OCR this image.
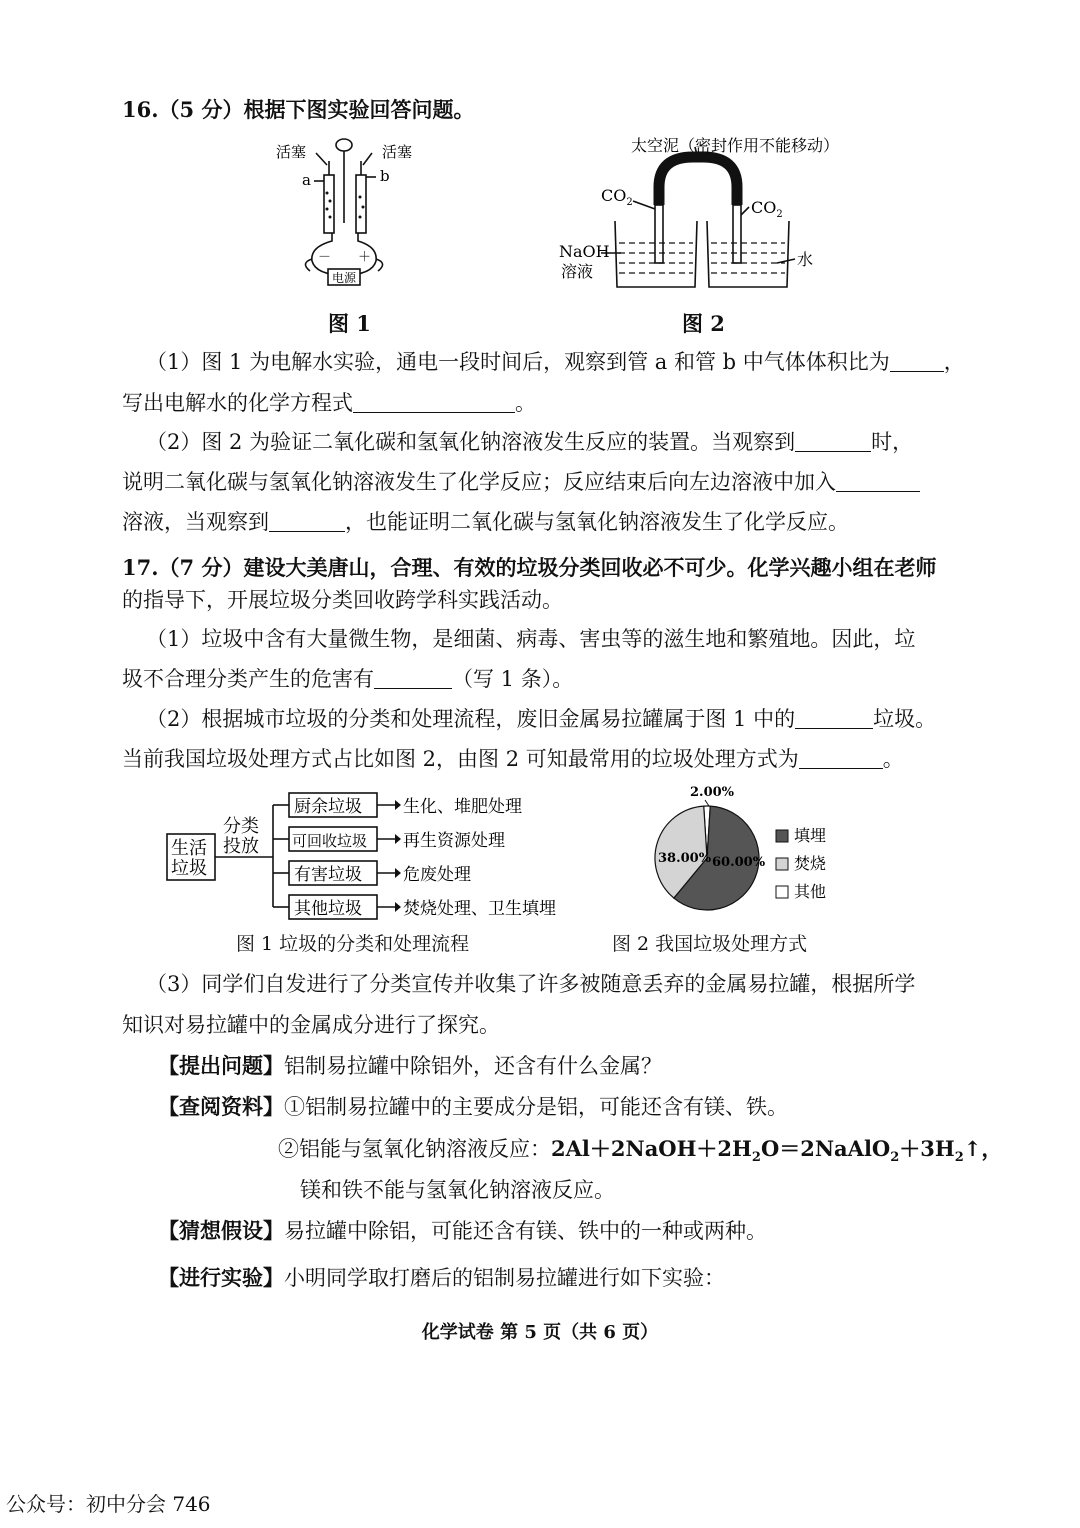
16.（5 分）根据下图实验回答问题。
活塞	活塞
a	b
－ ＋
电源
图 1
太空泥（密封作用不能移动）
$CO_2$	$CO_2$
NaOH
溶液
水
图 2
（1）图 1 为电解水实验，通电一段时间后，观察到管 a 和管 b 中气体体积比为	，
写出电解水的化学方程式	。
（2）图 2 为验证二氧化碳和氢氧化钠溶液发生反应的装置。当观察到	时，
说明二氧化碳与氢氧化钠溶液发生了化学反应；反应结束后向左边溶液中加入
溶液，当观察到	，也能证明二氧化碳与氢氧化钠溶液发生了化学反应。
17.（7 分）建设大美唐山，合理、有效的垃圾分类回收必不可少。化学兴趣小组在老师
的指导下，开展垃圾分类回收跨学科实践活动。
（1）垃圾中含有大量微生物，是细菌、病毒、害虫等的滋生地和繁殖地。因此，垃
圾不合理分类产生的危害有	（写 1 条）。
（2）根据城市垃圾的分类和处理流程，废旧金属易拉罐属于图 1 中的	垃圾。
当前我国垃圾处理方式占比如图 2，由图 2 可知最常用的垃圾处理方式为	。
生活
垃圾
分类
投放
厨余垃圾
可回收垃圾
有害垃圾
其他垃圾
生化、堆肥处理
再生资源处理
危废处理
焚烧处理、卫生填埋
图 1 垃圾的分类和处理流程
60.00%
38.00%
2.00%
填埋
焚烧
其他
图 2 我国垃圾处理方式
（3）同学们自发进行了分类宣传并收集了许多被随意丢弃的金属易拉罐，根据所学
知识对易拉罐中的金属成分进行了探究。
【提出问题】铝制易拉罐中除铝外，还含有什么金属？
【查阅资料】①铝制易拉罐中的主要成分是铝，可能还含有镁、铁。
②铝能与氢氧化钠溶液反应：$2Al+2NaOH+2H_2O=2NaAlO_2+3H_2↑$，
镁和铁不能与氢氧化钠溶液反应。
【猜想假设】易拉罐中除铝，可能还含有镁、铁中的一种或两种。
【进行实验】小明同学取打磨后的铝制易拉罐进行如下实验：
化学试卷 第 5 页（共 6 页）
公众号：初中分会 746
